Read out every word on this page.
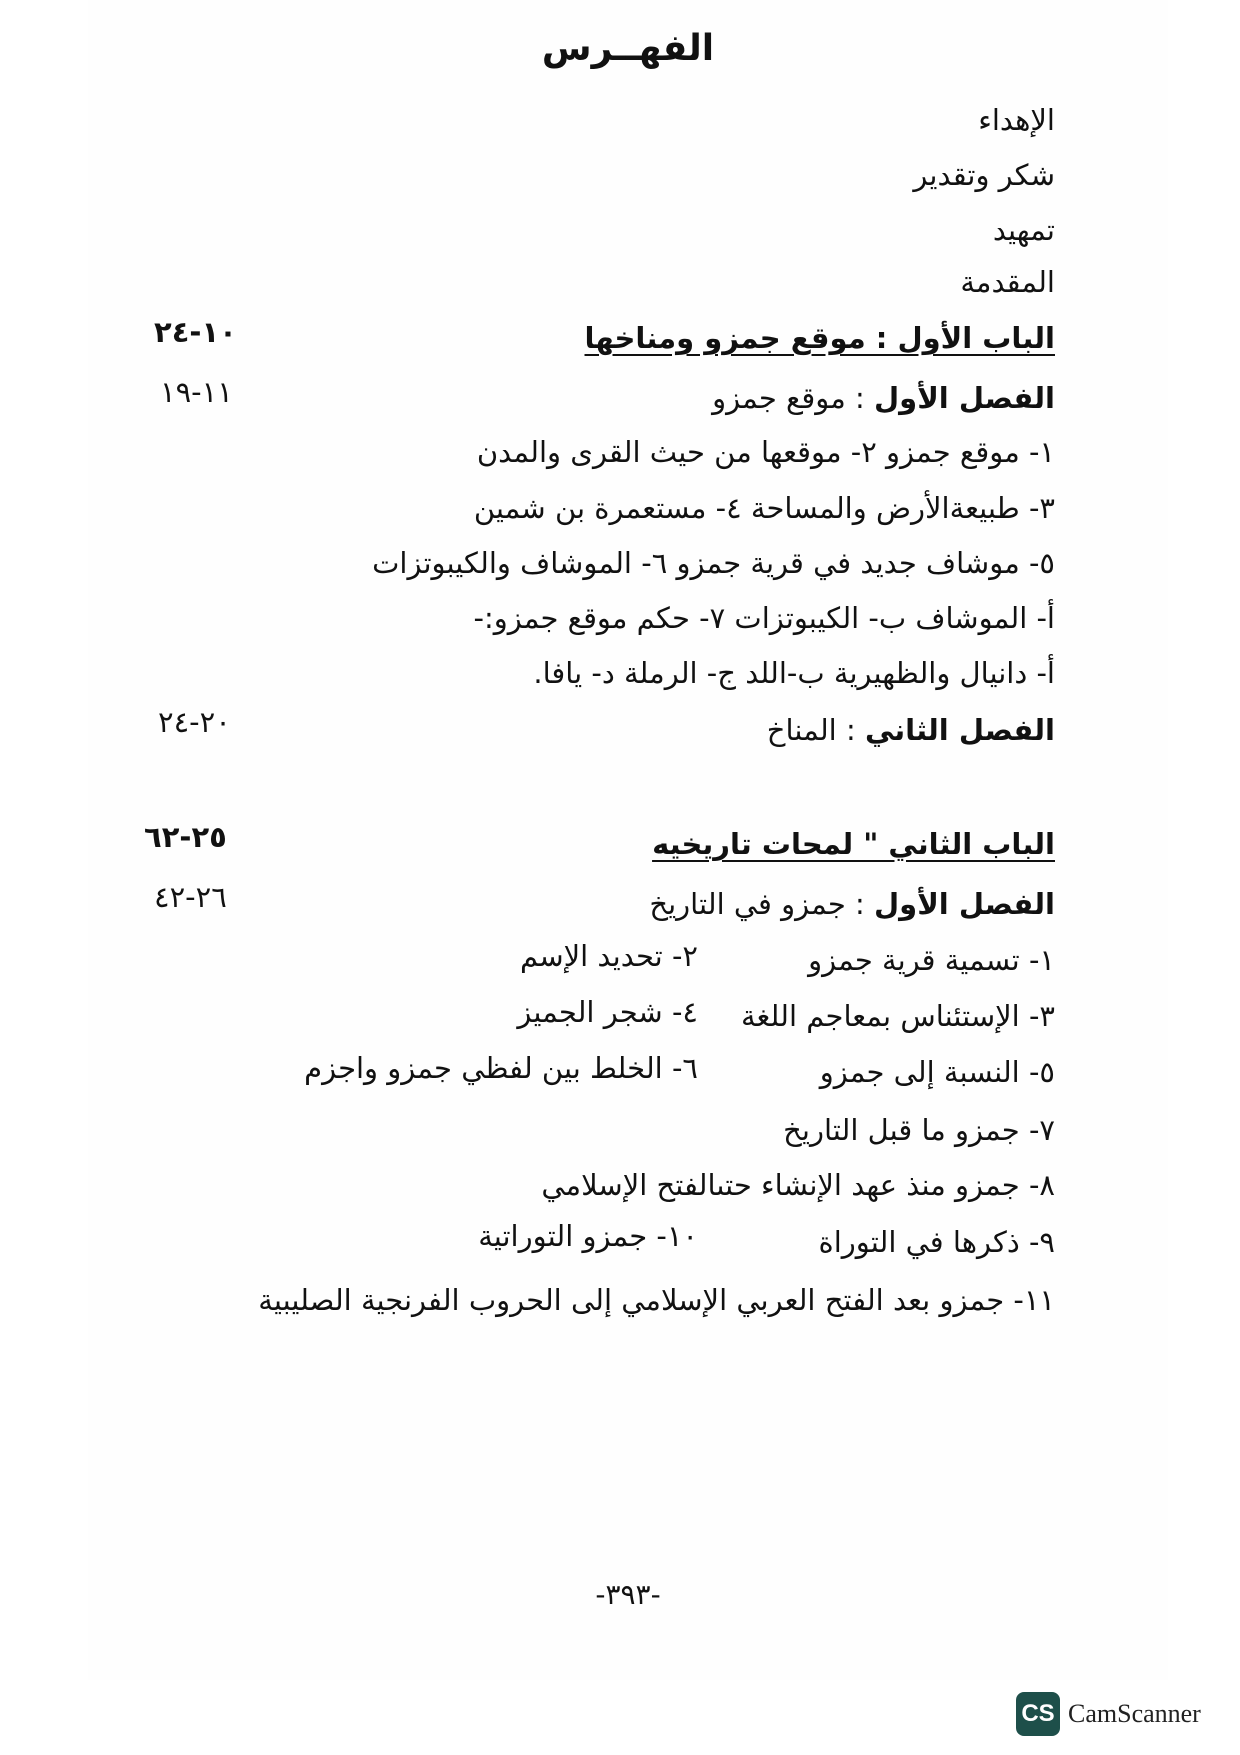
الفهــرس
الإهداء
شكر وتقدير
تمهيد
المقدمة
الباب الأول : موقع جمزو ومناخها
١٠-٢٤
الفصل الأول : موقع جمزو
١١-١٩
١- موقع جمزو ٢- موقعها من حيث القرى والمدن
٣- طبيعةالأرض والمساحة ٤- مستعمرة بن شمين
٥- موشاف جديد في قرية جمزو ٦- الموشاف والكيبوتزات
أ- الموشاف ب- الكيبوتزات ٧- حكم موقع جمزو:-
أ- دانيال والظهيرية ب-اللد ج- الرملة د- يافا.
الفصل الثاني : المناخ
٢٠-٢٤
الباب الثاني " لمحات تاريخيه
٢٥-٦٢
الفصل الأول : جمزو في التاريخ
٢٦-٤٢
١- تسمية قرية جمزو
٢- تحديد الإسم
٣- الإستئناس بمعاجم اللغة
٤- شجر الجميز
٥- النسبة إلى جمزو
٦- الخلط بين لفظي جمزو واجزم
٧- جمزو ما قبل التاريخ
٨- جمزو منذ عهد الإنشاء حتىالفتح الإسلامي
٩- ذكرها في التوراة
١٠- جمزو التوراتية
١١- جمزو بعد الفتح العربي الإسلامي إلى الحروب الفرنجية الصليبية
-٣٩٣-
CS CamScanner
